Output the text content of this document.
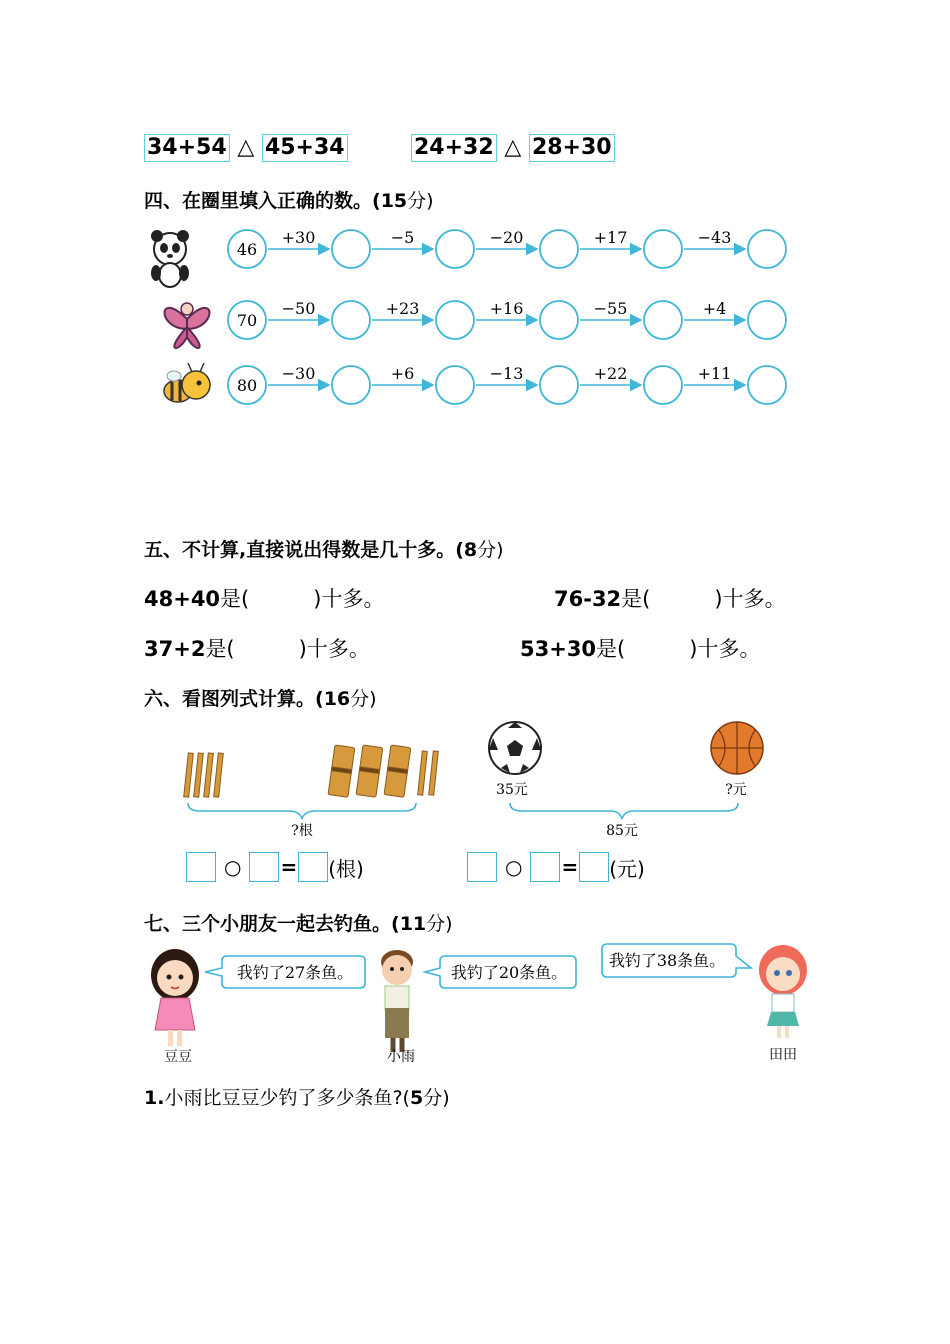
34+54 △ 45+34	24+32 △ 28+30
四、在圈里填入正确的数。(15分)
46
+30	−5	−20	+17	−43
70
−50	+23	+16	−55	+4
80
−30	+6	−13	+22	+11
五、不计算,直接说出得数是几十多。(8分)
48+40是(	)十多。	76-32是(	)十多。
37+2是(	)十多。	53+30是(	)十多。
六、看图列式计算。(16分)
?根
35元	?元
85元
○ = (根)	○ = (元)
七、三个小朋友一起去钓鱼。(11分)
豆豆
我钓了27条鱼。
小雨
我钓了20条鱼。
我钓了38条鱼。
田田
1.小雨比豆豆少钓了多少条鱼?(5分)
